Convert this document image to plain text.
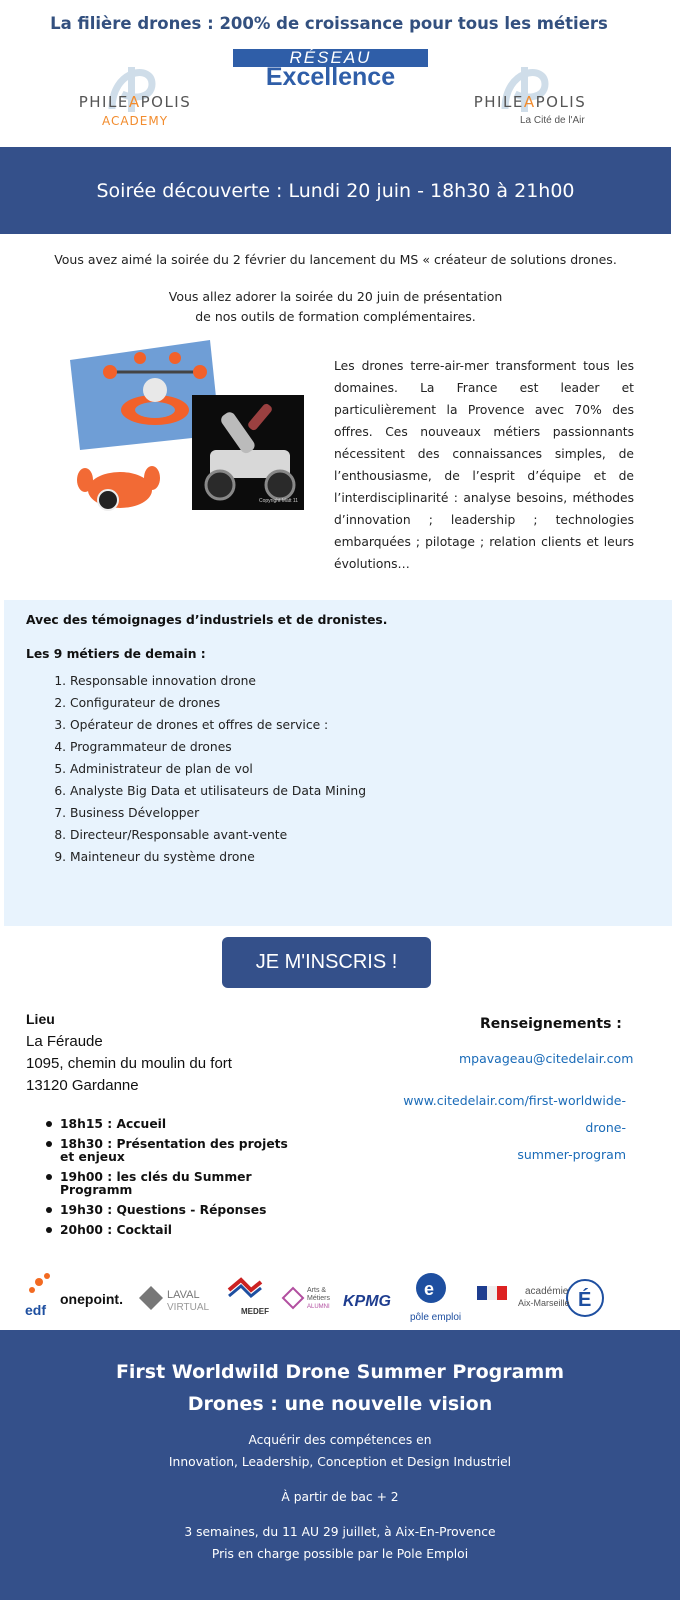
La filière drones : 200% de croissance pour tous les métiers
PHILEAPOLIS
ACADEMY
RÉSEAU
Excellence
PHILEAPOLIS
La Cité de l'Air
Soirée découverte : Lundi 20 juin - 18h30 à 21h00
Vous avez aimé la soirée du 2 février du lancement du MS « créateur de solutions drones.
Vous allez adorer la soirée du 20 juin de présentation
de nos outils de formation complémentaires.
Copyright Matt 11
Les drones terre-air-mer transforment tous les domaines. La France est leader et particulièrement la Provence avec 70% des offres. Ces nouveaux métiers passionnants nécessitent des connaissances simples, de l’enthousiasme, de l’esprit d’équipe et de l’interdisciplinarité : analyse besoins, méthodes d’innovation ; leadership ; technologies embarquées ; pilotage ; relation clients et leurs évolutions…
Avec des témoignages d’industriels et de dronistes.
Les 9 métiers de demain :
1. Responsable innovation drone
2. Configurateur de drones
3. Opérateur de drones et offres de service :
4. Programmateur de drones
5. Administrateur de plan de vol
6. Analyste Big Data et utilisateurs de Data Mining
7. Business Développer
8. Directeur/Responsable avant-vente
9. Mainteneur du système drone
JE M'INSCRIS !
Lieu
La Féraude
1095, chemin du moulin du fort
13120 Gardanne
Renseignements :
mpavageau@citedelair.com
www.citedelair.com/first-worldwide-drone-
summer-program
18h15 : Accueil
18h30 : Présentation des projets et enjeux
19h00 : les clés du Summer Programm
19h30 : Questions - Réponses
20h00 : Cocktail
edf
onepoint.	LAVAL
VIRTUAL	MEDEF
Arts &
Métiers
ALUMNI KPMG
e
pôle emploi
É
académie
Aix-Marseille
First Worldwild Drone Summer Programm
Drones : une nouvelle vision
Acquérir des compétences en
Innovation, Leadership, Conception et Design Industriel
À partir de bac + 2
3 semaines, du 11 AU 29 juillet, à Aix-En-Provence
Pris en charge possible par le Pole Emploi
